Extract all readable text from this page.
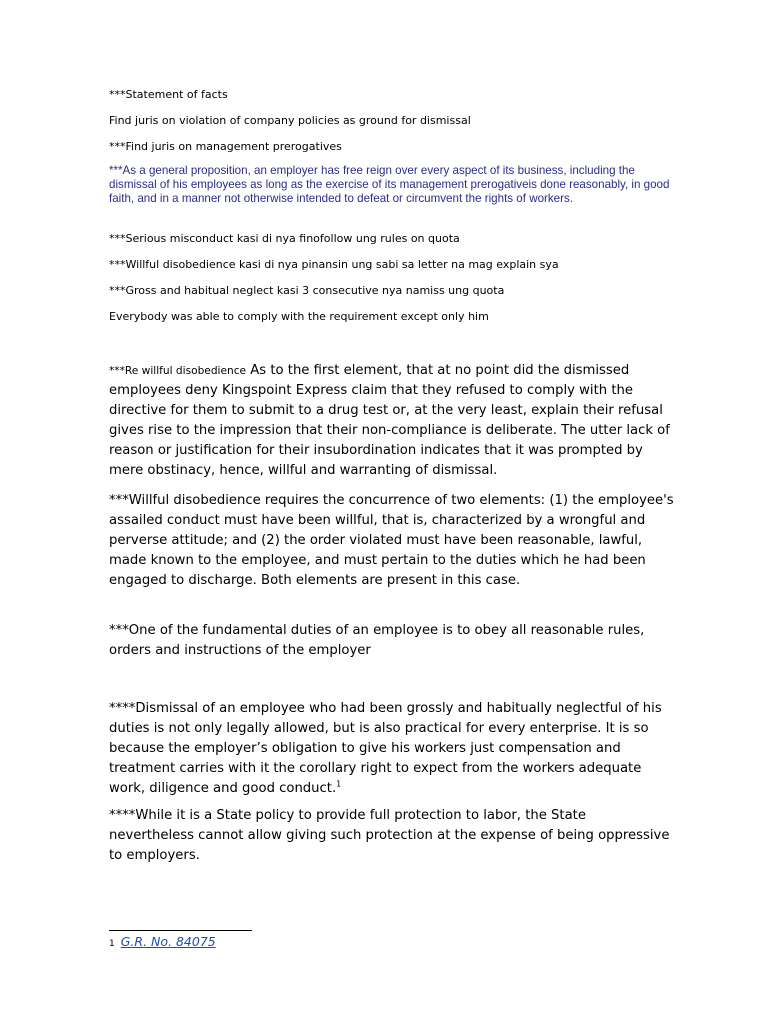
***Statement of facts

Find juris on violation of company policies as ground for dismissal

***Find juris on management prerogatives

***As a general proposition, an employer has free reign over every aspect of its business, including the dismissal of his employees as long as the exercise of its management prerogativeis done reasonably, in good faith, and in a manner not otherwise intended to defeat or circumvent the rights of workers.

***Serious misconduct kasi di nya finofollow ung rules on quota

***Willful disobedience kasi di nya pinansin ung sabi sa letter na mag explain sya

***Gross and habitual neglect kasi 3 consecutive nya namiss ung quota

Everybody was able to comply with the requirement except only him

***Re willful disobedience As to the first element, that at no point did the dismissed employees deny Kingspoint Express claim that they refused to comply with the directive for them to submit to a drug test or, at the very least, explain their refusal gives rise to the impression that their non-compliance is deliberate. The utter lack of reason or justification for their insubordination indicates that it was prompted by mere obstinacy, hence, willful and warranting of dismissal.

***Willful disobedience requires the concurrence of two elements: (1) the employee's assailed conduct must have been willful, that is, characterized by a wrongful and perverse attitude; and (2) the order violated must have been reasonable, lawful, made known to the employee, and must pertain to the duties which he had been engaged to discharge. Both elements are present in this case.

***One of the fundamental duties of an employee is to obey all reasonable rules, orders and instructions of the employer

****Dismissal of an employee who had been grossly and habitually neglectful of his duties is not only legally allowed, but is also practical for every enterprise. It is so because the employer’s obligation to give his workers just compensation and treatment carries with it the corollary right to expect from the workers adequate work, diligence and good conduct.$^1$

****While it is a State policy to provide full protection to labor, the State nevertheless cannot allow giving such protection at the expense of being oppressive to employers.

1 G.R. No. 84075
